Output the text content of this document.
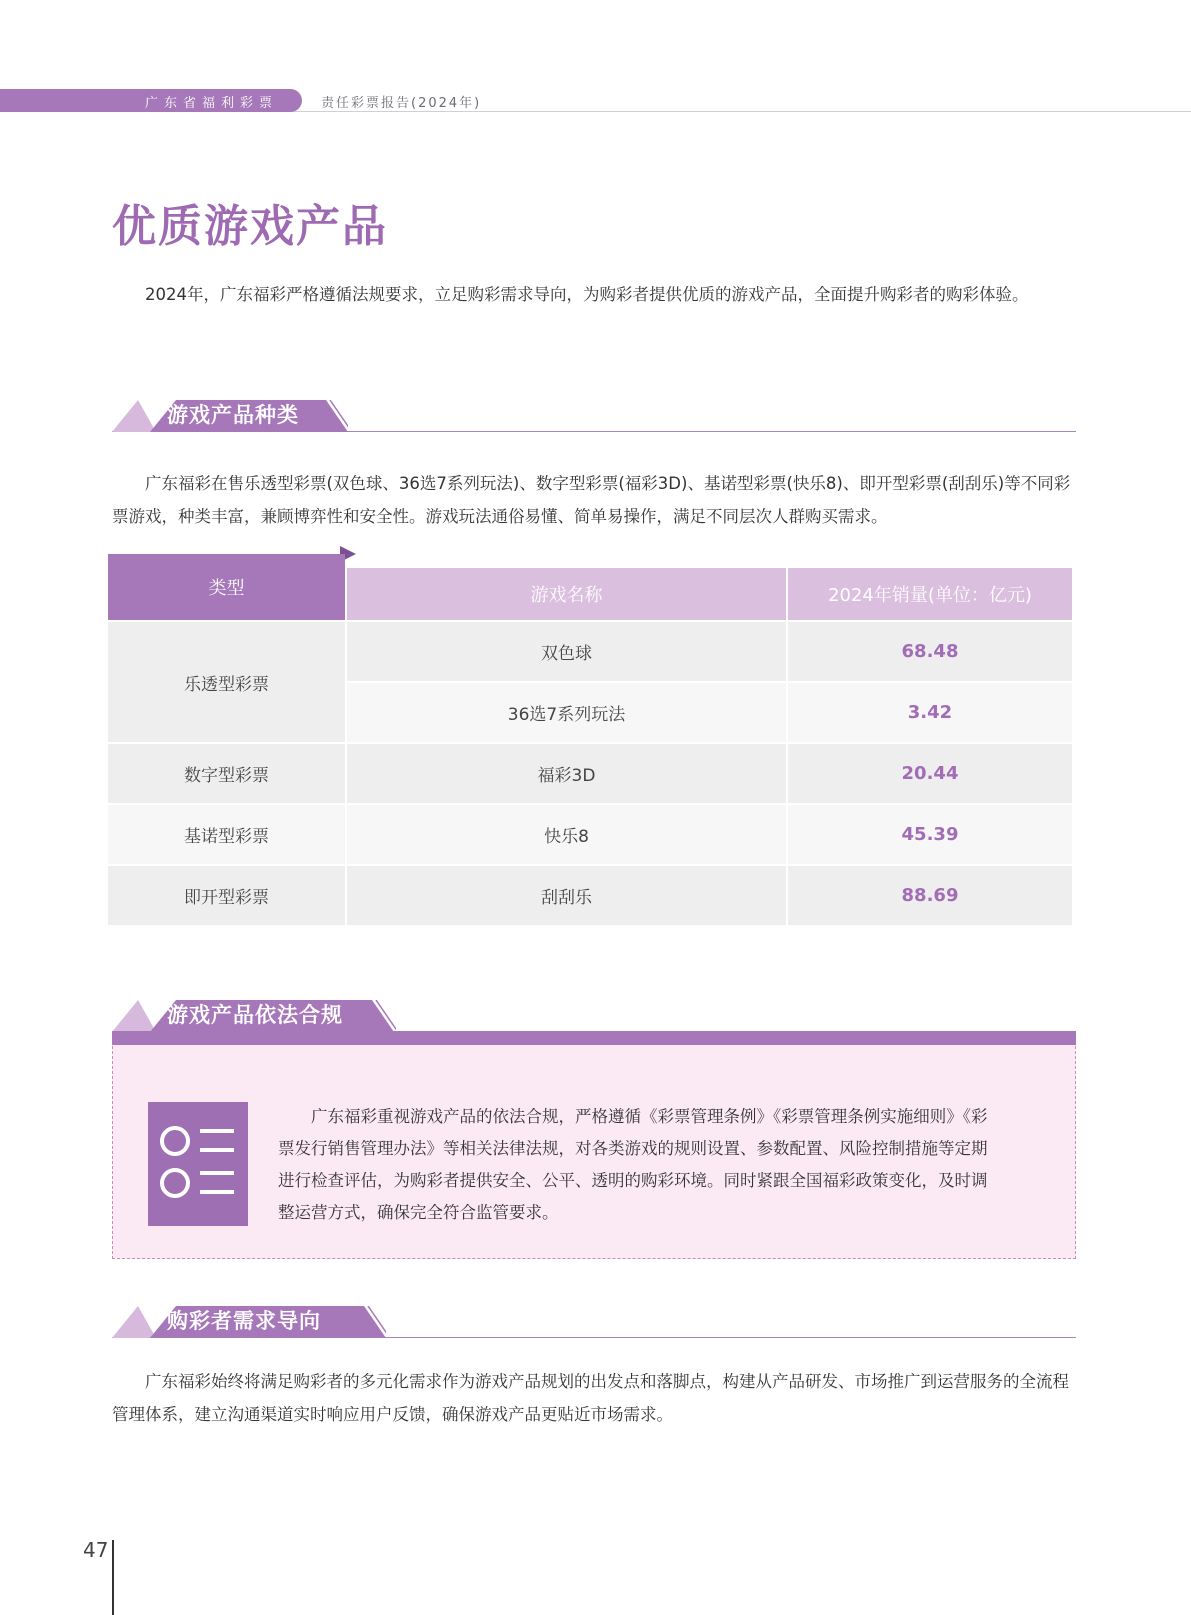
广东省福利彩票	责任彩票报告(2024年)
优质游戏产品

2024年，广东福彩严格遵循法规要求，立足购彩需求导向，为购彩者提供优质的游戏产品，全面提升购彩者的购彩体验。

游戏产品种类

广东福彩在售乐透型彩票(双色球、36选7系列玩法)、数字型彩票(福彩3D)、基诺型彩票(快乐8)、即开型彩票(刮刮乐)等不同彩票游戏，种类丰富，兼顾博弈性和安全性。游戏玩法通俗易懂、简单易操作，满足不同层次人群购买需求。

类型	游戏名称	2024年销量(单位：亿元)
乐透型彩票
双色球	68.48
36选7系列玩法	3.42
数字型彩票	福彩3D	20.44
基诺型彩票	快乐8	45.39
即开型彩票	刮刮乐	88.69
游戏产品依法合规

广东福彩重视游戏产品的依法合规，严格遵循《彩票管理条例》《彩票管理条例实施细则》《彩票发行销售管理办法》等相关法律法规，对各类游戏的规则设置、参数配置、风险控制措施等定期进行检查评估，为购彩者提供安全、公平、透明的购彩环境。同时紧跟全国福彩政策变化，及时调整运营方式，确保完全符合监管要求。

购彩者需求导向

广东福彩始终将满足购彩者的多元化需求作为游戏产品规划的出发点和落脚点，构建从产品研发、市场推广到运营服务的全流程管理体系，建立沟通渠道实时响应用户反馈，确保游戏产品更贴近市场需求。

47
